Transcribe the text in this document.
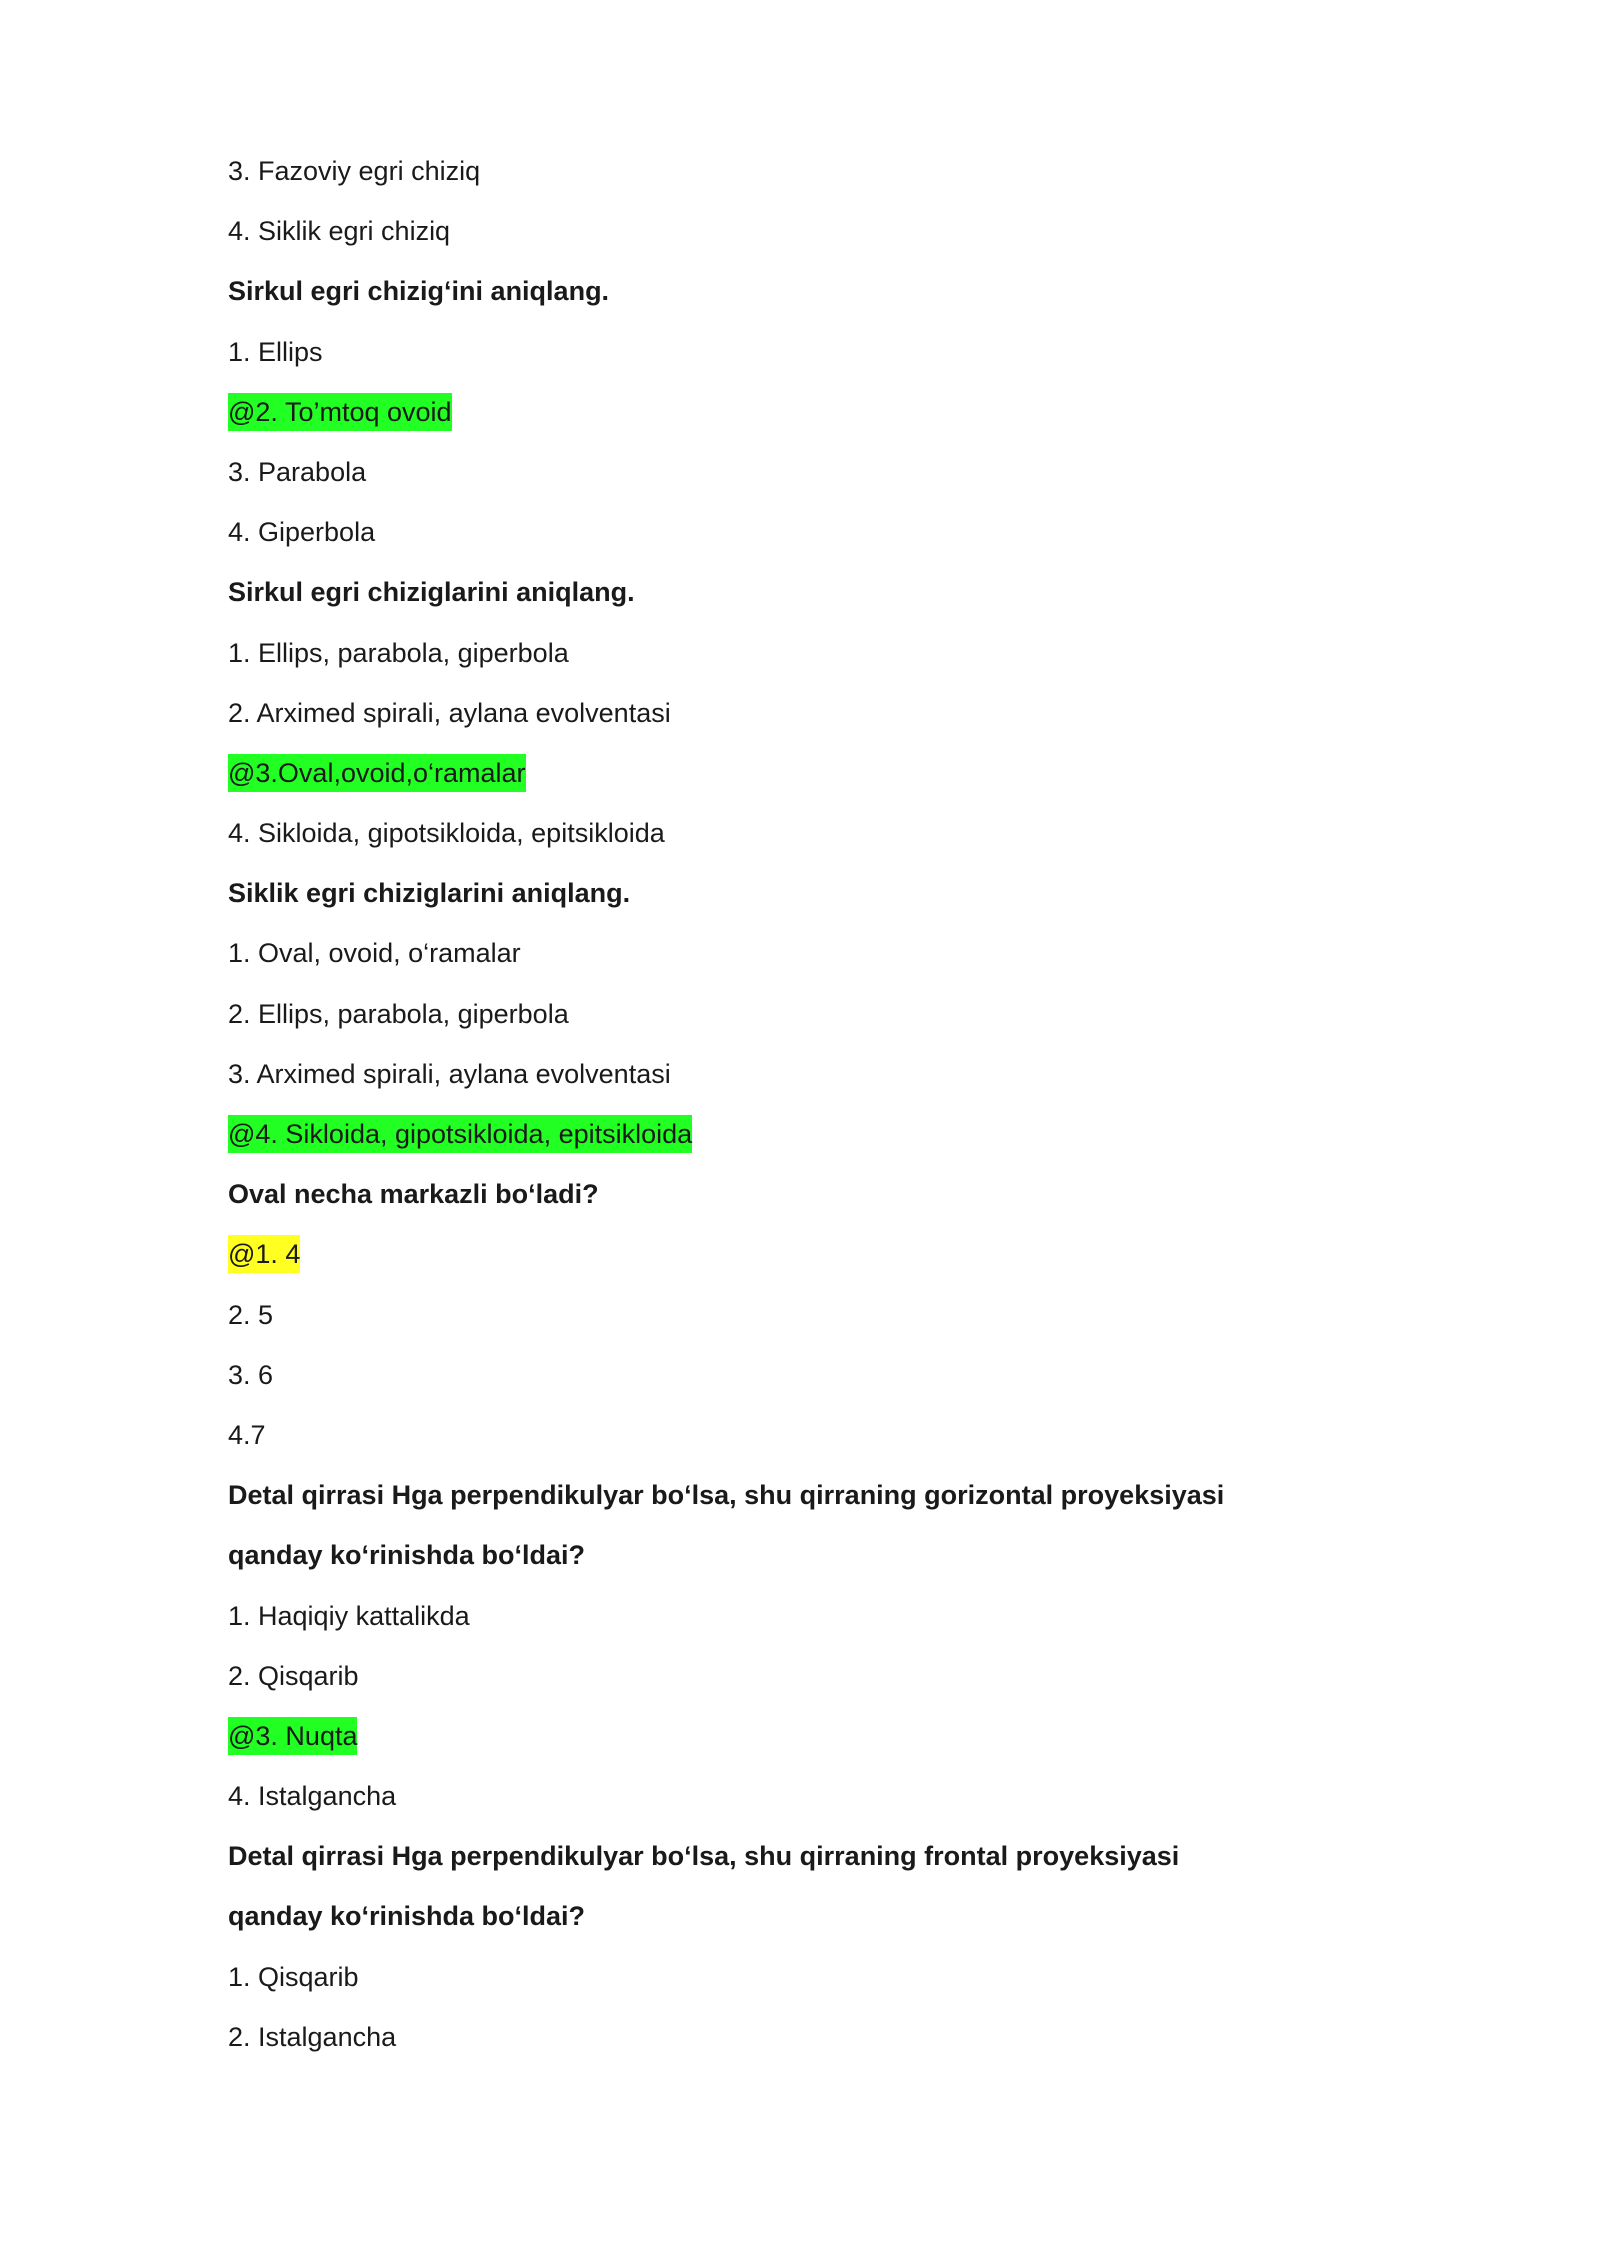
3. Fazoviy egri chiziq
4. Siklik egri chiziq
Sirkul egri chizig‘ini aniqlang.
1. Ellips
@2. To’mtoq ovoid
3. Parabola
4. Giperbola
Sirkul egri chiziglarini aniqlang.
1. Ellips, parabola, giperbola
2. Arximed spirali, aylana evolventasi
@3.Oval,ovoid,o‘ramalar
4. Sikloida, gipotsikloida, epitsikloida
Siklik egri chiziglarini aniqlang.
1. Oval, ovoid, o‘ramalar
2. Ellips, parabola, giperbola
3. Arximed spirali, aylana evolventasi
@4. Sikloida, gipotsikloida, epitsikloida
Oval necha markazli bo‘ladi?
@1. 4
2. 5
3. 6
4.7
Detal qirrasi Hga perpendikulyar bo‘lsa, shu qirraning gorizontal proyeksiyasi
qanday ko‘rinishda bo‘ldai?
1. Haqiqiy kattalikda
2. Qisqarib
@3. Nuqta
4. Istalgancha
Detal qirrasi Hga perpendikulyar bo‘lsa, shu qirraning frontal proyeksiyasi
qanday ko‘rinishda bo‘ldai?
1. Qisqarib
2. Istalgancha
